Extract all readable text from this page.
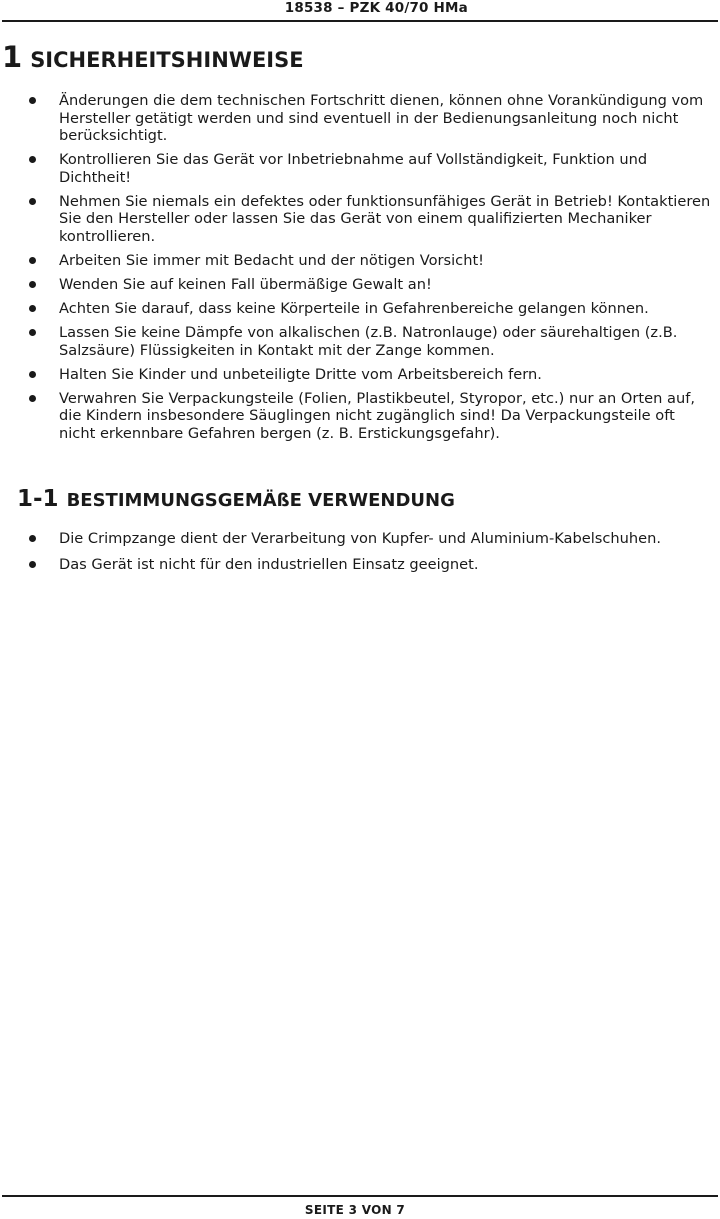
18538 – PZK 40/70 HMa
1 SICHERHEITSHINWEISE
Änderungen die dem technischen Fortschritt dienen, können ohne Vorankündigung vom Hersteller getätigt werden und sind eventuell in der Bedienungsanleitung noch nicht berücksichtigt.
Kontrollieren Sie das Gerät vor Inbetriebnahme auf Vollständigkeit, Funktion und Dichtheit!
Nehmen Sie niemals ein defektes oder funktionsunfähiges Gerät in Betrieb! Kontaktieren Sie den Hersteller oder lassen Sie das Gerät von einem qualifizierten Mechaniker kontrollieren.
Arbeiten Sie immer mit Bedacht und der nötigen Vorsicht!
Wenden Sie auf keinen Fall übermäßige Gewalt an!
Achten Sie darauf, dass keine Körperteile in Gefahrenbereiche gelangen können.
Lassen Sie keine Dämpfe von alkalischen (z.B. Natronlauge) oder säurehaltigen (z.B. Salzsäure) Flüssigkeiten in Kontakt mit der Zange kommen.
Halten Sie Kinder und unbeteiligte Dritte vom Arbeitsbereich fern.
Verwahren Sie Verpackungsteile (Folien, Plastikbeutel, Styropor, etc.) nur an Orten auf, die Kindern insbesondere Säuglingen nicht zugänglich sind! Da Verpackungsteile oft nicht erkennbare Gefahren bergen (z. B. Erstickungsgefahr).
1-1 BESTIMMUNGSGEMÄßE VERWENDUNG
Die Crimpzange dient der Verarbeitung von Kupfer- und Aluminium-Kabelschuhen.
Das Gerät ist nicht für den industriellen Einsatz geeignet.
SEITE 3 VON 7
